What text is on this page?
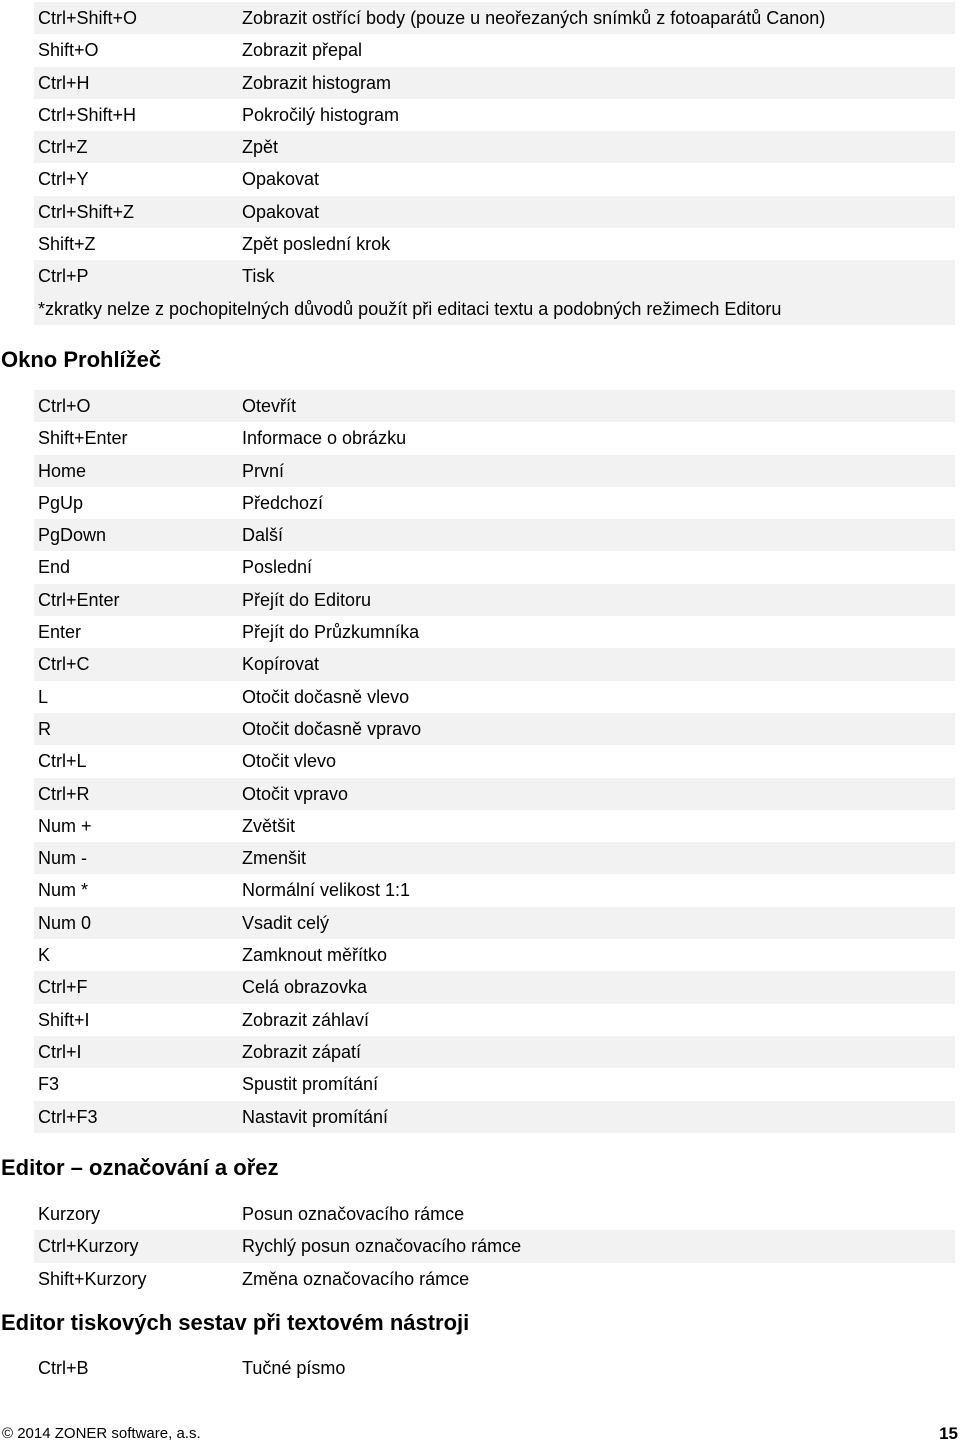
Ctrl+Shift+O	Zobrazit ostřící body (pouze u neořezaných snímků z fotoaparátů Canon)
Shift+O	Zobrazit přepal
Ctrl+H	Zobrazit histogram
Ctrl+Shift+H	Pokročilý histogram
Ctrl+Z	Zpět
Ctrl+Y	Opakovat
Ctrl+Shift+Z	Opakovat
Shift+Z	Zpět poslední krok
Ctrl+P	Tisk
*zkratky nelze z pochopitelných důvodů použít při editaci textu a podobných režimech Editoru
Okno Prohlížeč
Ctrl+O	Otevřít
Shift+Enter	Informace o obrázku
Home	První
PgUp	Předchozí
PgDown	Další
End	Poslední
Ctrl+Enter	Přejít do Editoru
Enter	Přejít do Průzkumníka
Ctrl+C	Kopírovat
L	Otočit dočasně vlevo
R	Otočit dočasně vpravo
Ctrl+L	Otočit vlevo
Ctrl+R	Otočit vpravo
Num +	Zvětšit
Num -	Zmenšit
Num *	Normální velikost 1:1
Num 0	Vsadit celý
K	Zamknout měřítko
Ctrl+F	Celá obrazovka
Shift+I	Zobrazit záhlaví
Ctrl+I	Zobrazit zápatí
F3	Spustit promítání
Ctrl+F3	Nastavit promítání
Editor – označování a ořez
Kurzory	Posun označovacího rámce
Ctrl+Kurzory	Rychlý posun označovacího rámce
Shift+Kurzory	Změna označovacího rámce
Editor tiskových sestav při textovém nástroji
Ctrl+B	Tučné písmo
© 2014 ZONER software, a.s.	15
